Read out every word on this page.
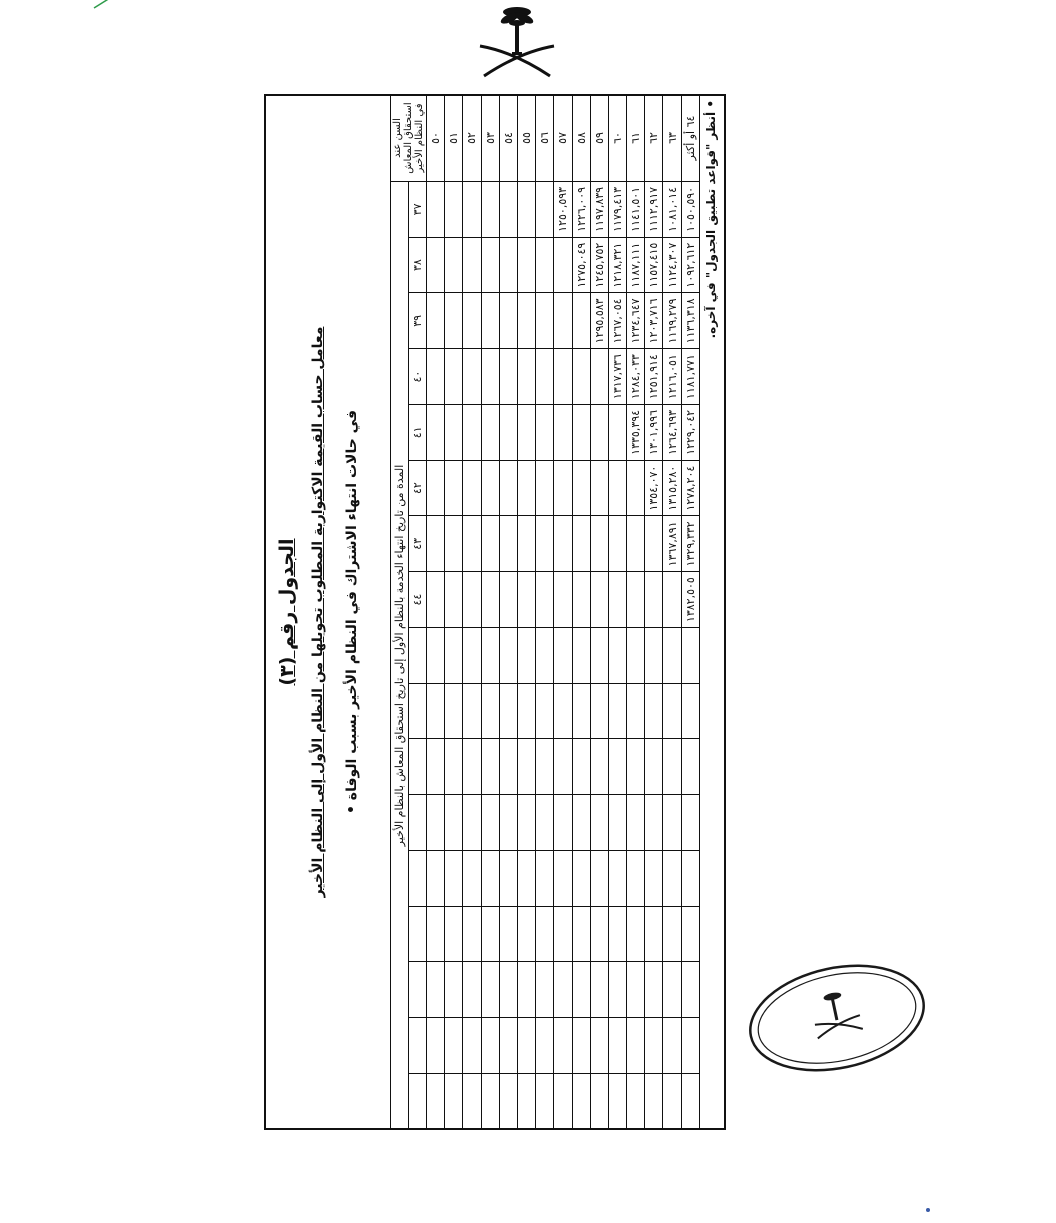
الجدول رقم (٣) معامل حساب القيمة الاكتوارية المطلوب تحويلها من النظام الأول إلى النظام الأخير في حالات انتهاء الاشتراك في النظام الأخير بسبب الوفاة •
السن عند استحقاق المعاش في النظام الأخير	المدة من تاريخ انتهاء الخدمة بالنظام الأول إلى تاريخ استحقاق المعاش بالنظام الأخير																
	٣٧	٣٨	٣٩	٤٠	٤١	٤٢	٤٣	٤٤									
٥٠																	
٥١																	
٥٢																	
٥٣																	
٥٤																	
٥٥																	
٥٦																	
٥٧	١٢٥٠,٥٩٣																
٥٨	١٢٢٦,٠٠٩	١٢٧٥,٠٤٩															
٥٩	١١٩٧,٨٣٩	١٢٤٥,٧٥٢	١٢٩٥,٥٨٣														
٦٠	١١٧٩,٤١٣	١٢١٨,٣٢١	١٢٦٧,٠٥٤	١٣١٧,٧٣٦													
٦١	١١٤١,٥٠١	١١٨٧,١١١	١٢٣٤,٦٤٧	١٢٨٤,٠٣٣	١٣٣٥,٣٩٤												
٦٢	١١١٢,٩١٧	١١٥٧,٤١٥	١٢٠٣,٧١٦	١٢٥١,٩١٤	١٣٠١,٩٩٦	١٣٥٤,٠٧٠											
٦٣	١٠٨١,٠١٤	١١٢٤,٣٠٧	١١٦٩,٢٧٩	١٢١٦,٠٥١	١٢٦٤,٦٩٣	١٣١٥,٢٨٠	١٣٦٧,٨٩١										
٦٤ أو أكثر	١٠٥٠,٥٩٠	١٠٩٢,٦١٢	١١٣٦,٣١٨	١١٨١,٧٧١	١٢٢٩,٠٤٢	١٢٧٨,٢٠٤	١٣٢٩,٣٣٢	١٣٨٢,٥٠٥									
• أنظر "قواعد تطبيق الجدول" في آخره.
